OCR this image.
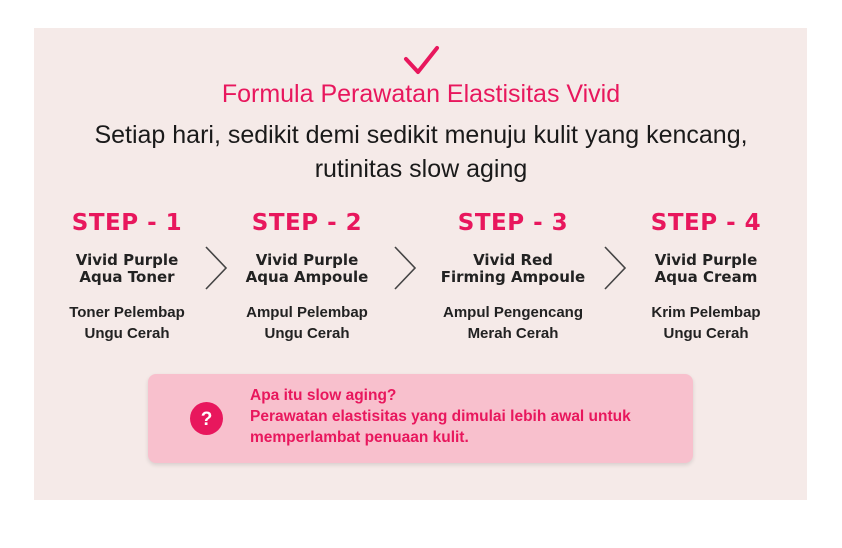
Formula Perawatan Elastisitas Vivid
Setiap hari, sedikit demi sedikit menuju kulit yang kencang,
rutinitas slow aging
STEP - 1
Vivid Purple
Aqua Toner
Toner Pelembap
Ungu Cerah
STEP - 2
Vivid Purple
Aqua Ampoule
Ampul Pelembap
Ungu Cerah
STEP - 3
Vivid Red
Firming Ampoule
Ampul Pengencang
Merah Cerah
STEP - 4
Vivid Purple
Aqua Cream
Krim Pelembap
Ungu Cerah
?
Apa itu slow aging?
Perawatan elastisitas yang dimulai lebih awal untuk
memperlambat penuaan kulit.
